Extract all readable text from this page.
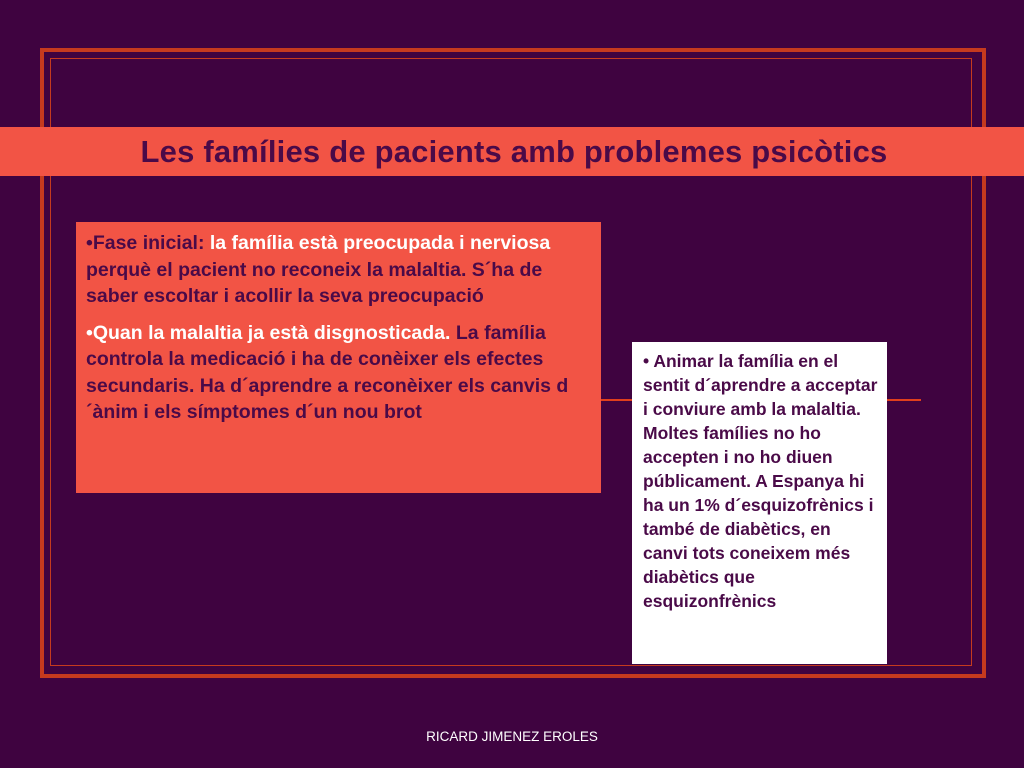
Les famílies de pacients amb problemes psicòtics

•Fase inicial: la família està preocupada i nerviosa perquè el pacient no reconeix la malaltia. S´ha de saber escoltar i acollir la seva preocupació

•Quan la malaltia ja està disgnosticada. La família controla la medicació i ha de conèixer els efectes secundaris. Ha d´aprendre a reconèixer els canvis d´ànim i els símptomes d´un nou brot

• Animar la família en el sentit d´aprendre a acceptar i conviure amb la malaltia. Moltes famílies no ho accepten i no ho diuen públicament. A Espanya hi ha un 1% d´esquizofrènics i també de diabètics, en canvi tots coneixem més diabètics que esquizonfrènics

RICARD JIMENEZ EROLES
